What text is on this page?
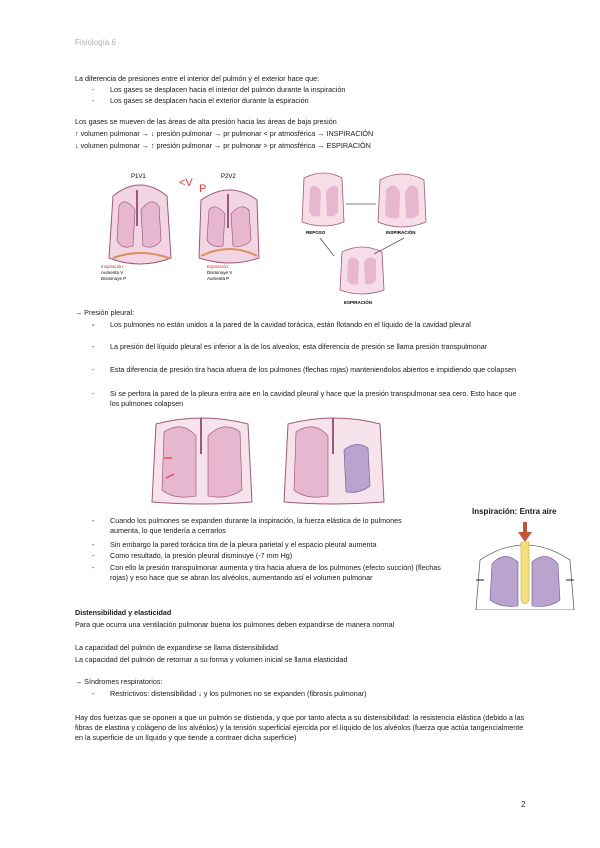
Fisiología 6
La diferencia de presiones entre el interior del pulmón y el exterior hace que:
- Los gases se desplacen hacia el interior del pulmón durante la inspiración
- Los gases se desplacen hacia el exterior durante la espiración
Los gases se mueven de las áreas de alta presión hacia las áreas de baja presión
↑ volumen pulmonar → ↓ presión pulmonar → pr pulmonar < pr atmosférica → INSPIRACIÓN
↓ volumen pulmonar → ↑ presión pulmonar → pr pulmonar > pr atmosférica → ESPIRACIÓN
P1V1	<V P
P2V2
Inspiración:
Aumenta V
Disminuye P
Espiración:
Disminuye V
Aumenta P
REPOSO	INSPIRACIÓN
ESPIRACIÓN
→ Presión pleural:
- Los pulmones no están unidos a la pared de la cavidad torácica, están flotando en el líquido de la cavidad pleural
- La presión del líquido pleural es inferior a la de los alveolos, esta diferencia de presión se llama presión transpulmonar
- Esta diferencia de presión tira hacia afuera de los pulmones (flechas rojas) manteniendolos abiertos e impidiendo que colapsen
- Si se perfora la pared de la pleura entra aire en la cavidad pleural y hace que la presión transpulmonar sea cero. Esto hace que los pulmones colapsen
- Cuando los pulmones se expanden durante la inspiración, la fuerza elástica de lo pulmones aumenta, lo que tendería a cerrarlos
- Sin embargo la pared torácica tira de la pleura parietal y el espacio pleural aumenta
- Como resultado, la presión pleural disminuye (-7 mm Hg)
- Con ello la presión transpulmonar aumenta y tira hacia afuera de los pulmones (efecto succión) (flechas rojas) y eso hace que se abran los alvéolos, aumentando así el volumen pulmonar
Inspiración: Entra aire
Distensibilidad y elasticidad
Para que ocurra una ventilación pulmonar buena los pulmones deben expandirse de manera normal
La capacidad del pulmón de expandirse se llama distensibilidad
La capacidad del pulmón de retornar a su forma y volumen inicial se llama elasticidad
→ Síndromes respiratorios:
- Restrictivos: distensibilidad ↓ y los pulmones no se expanden (fibrosis pulmonar)
Hay dos fuerzas que se oponen a que un pulmón se distienda, y que por tanto afecta a su distensibilidad: la resistencia elástica (debido a las fibras de elastina y colágeno de los alvéolos) y la tensión superficial ejercida por el líquido de los alvéolos (fuerza que actúa tangencialmente en la superficie de un líquido y que tiende a contraer dicha superficie)
2
